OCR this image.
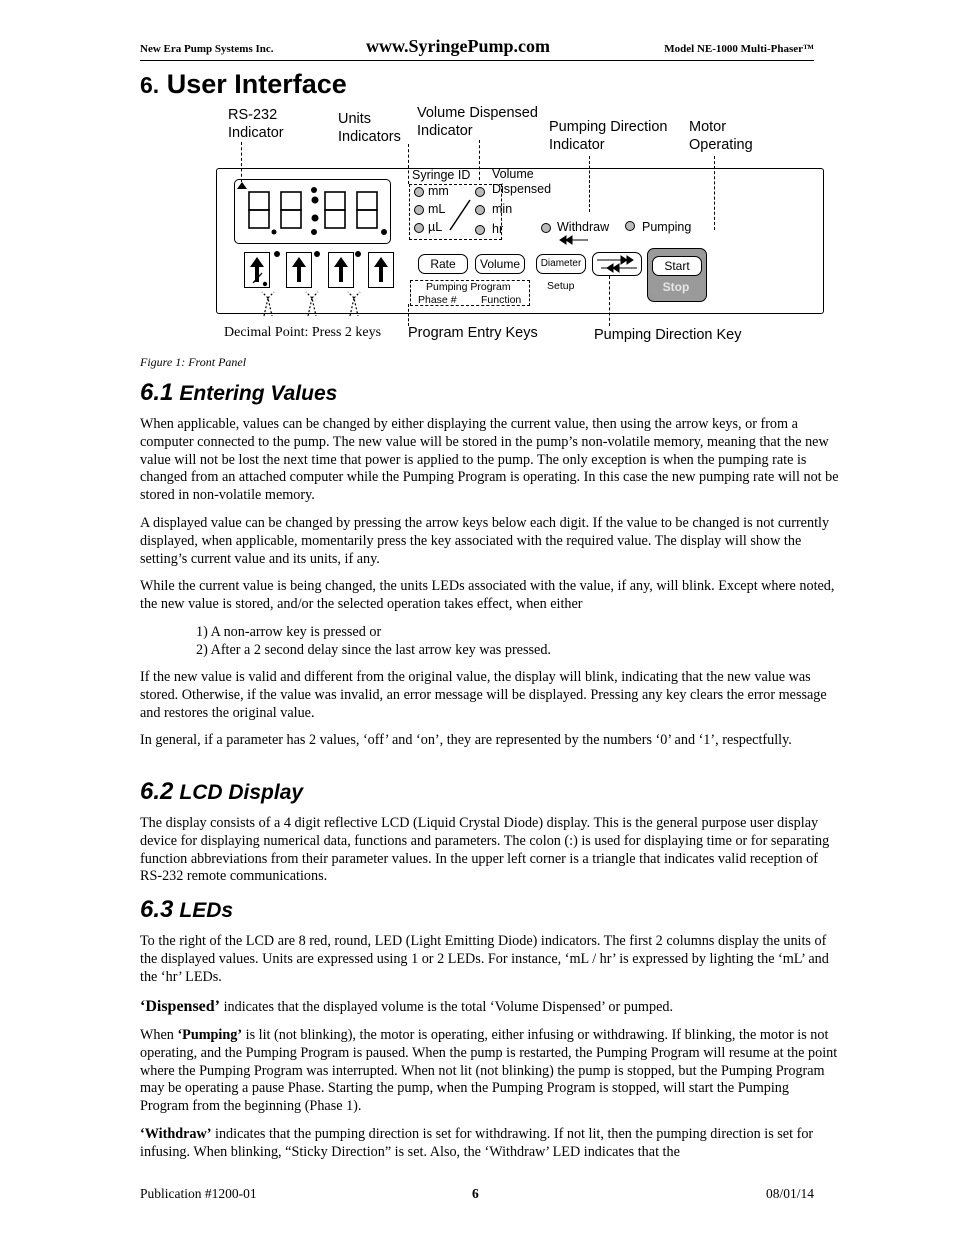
New Era Pump Systems Inc.	www.SyringePump.com	Model NE-1000 Multi-Phaser™
6. User Interface
RS-232
Indicator
Units
Indicators
Volume Dispensed
Indicator	Pumping Direction
Indicator
Motor
Operating
Syringe ID Volume
Dispensed
mm
mL	min
µL	hr	Withdraw	Pumping
Rate	Volume	Diameter
Setup
Pumping Program
Phase # Function
Start
Stop
Decimal Point: Press 2 keys Program Entry Keys	Pumping Direction Key
Figure 1: Front Panel
6.1 Entering Values

When applicable, values can be changed by either displaying the current value, then using the arrow keys, or from a computer connected to the pump. The new value will be stored in the pump’s non-volatile memory, meaning that the new value will not be lost the next time that power is applied to the pump. The only exception is when the pumping rate is changed from an attached computer while the Pumping Program is operating. In this case the new pumping rate will not be stored in non-volatile memory.

A displayed value can be changed by pressing the arrow keys below each digit. If the value to be changed is not currently displayed, when applicable, momentarily press the key associated with the required value. The display will show the setting’s current value and its units, if any.

While the current value is being changed, the units LEDs associated with the value, if any, will blink. Except where noted, the new value is stored, and/or the selected operation takes effect, when either

1) A non-arrow key is pressed or

2) After a 2 second delay since the last arrow key was pressed.

If the new value is valid and different from the original value, the display will blink, indicating that the new value was stored. Otherwise, if the value was invalid, an error message will be displayed. Pressing any key clears the error message and restores the original value.

In general, if a parameter has 2 values, ‘off’ and ‘on’, they are represented by the numbers ‘0’ and ‘1’, respectfully.

6.2 LCD Display

The display consists of a 4 digit reflective LCD (Liquid Crystal Diode) display. This is the general purpose user display device for displaying numerical data, functions and parameters. The colon (:) is used for displaying time or for separating function abbreviations from their parameter values. In the upper left corner is a triangle that indicates valid reception of RS-232 remote communications.

6.3 LEDs

To the right of the LCD are 8 red, round, LED (Light Emitting Diode) indicators. The first 2 columns display the units of the displayed values. Units are expressed using 1 or 2 LEDs. For instance, ‘mL / hr’ is expressed by lighting the ‘mL’ and the ‘hr’ LEDs.

‘Dispensed’ indicates that the displayed volume is the total ‘Volume Dispensed’ or pumped.

When ‘Pumping’ is lit (not blinking), the motor is operating, either infusing or withdrawing. If blinking, the motor is not operating, and the Pumping Program is paused. When the pump is restarted, the Pumping Program will resume at the point where the Pumping Program was interrupted. When not lit (not blinking) the pump is stopped, but the Pumping Program may be operating a pause Phase. Starting the pump, when the Pumping Program is stopped, will start the Pumping Program from the beginning (Phase 1).

‘Withdraw’ indicates that the pumping direction is set for withdrawing. If not lit, then the pumping direction is set for infusing. When blinking, “Sticky Direction” is set. Also, the ‘Withdraw’ LED indicates that the

Publication #1200-01	6	08/01/14
